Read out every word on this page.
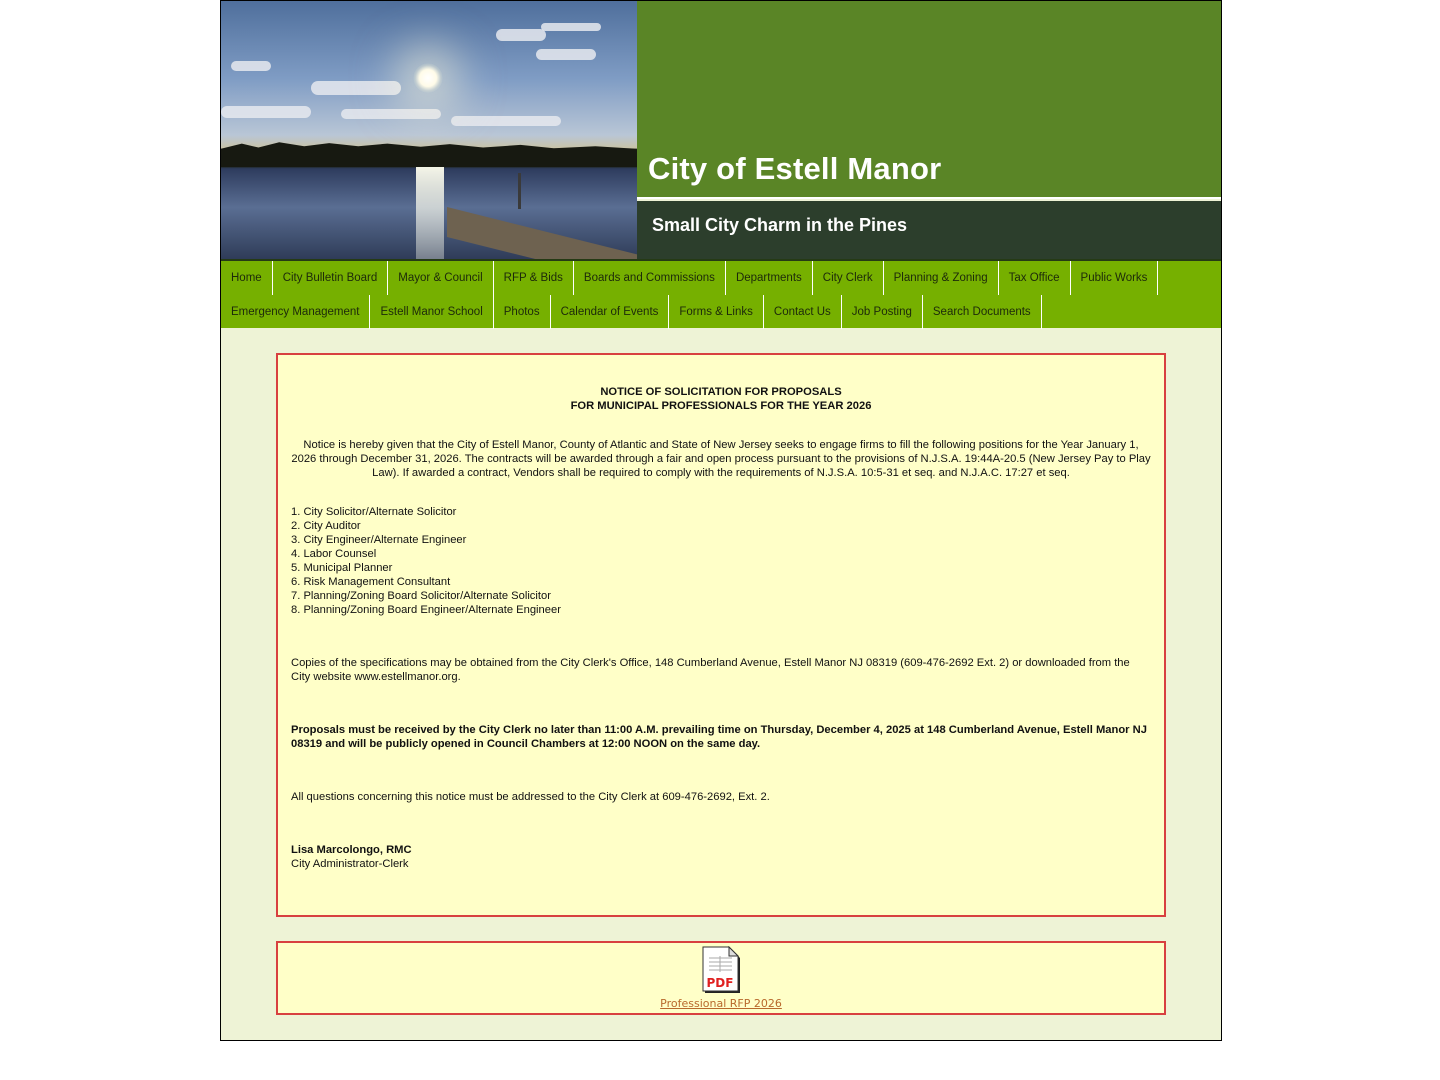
City of Estell Manor
Small City Charm in the Pines
Home	City Bulletin Board	Mayor & Council	RFP & Bids	Boards and Commissions	Departments	City Clerk	Planning & Zoning	Tax Office	Public Works
Emergency Management	Estell Manor School	Photos	Calendar of Events	Forms & Links	Contact Us	Job Posting	Search Documents
NOTICE OF SOLICITATION FOR PROPOSALS
FOR MUNICIPAL PROFESSIONALS FOR THE YEAR 2026
Notice is hereby given that the City of Estell Manor, County of Atlantic and State of New Jersey seeks to engage firms to fill the following positions for the Year January 1, 2026 through December 31, 2026. The contracts will be awarded through a fair and open process pursuant to the provisions of N.J.S.A. 19:44A-20.5 (New Jersey Pay to Play Law). If awarded a contract, Vendors shall be required to comply with the requirements of N.J.S.A. 10:5-31 et seq. and N.J.A.C. 17:27 et seq.
1. City Solicitor/Alternate Solicitor
2. City Auditor
3. City Engineer/Alternate Engineer
4. Labor Counsel
5. Municipal Planner
6. Risk Management Consultant
7. Planning/Zoning Board Solicitor/Alternate Solicitor
8. Planning/Zoning Board Engineer/Alternate Engineer
Copies of the specifications may be obtained from the City Clerk's Office, 148 Cumberland Avenue, Estell Manor NJ 08319 (609-476-2692 Ext. 2) or downloaded from the City website www.estellmanor.org.
Proposals must be received by the City Clerk no later than 11:00 A.M. prevailing time on Thursday, December 4, 2025 at 148 Cumberland Avenue, Estell Manor NJ 08319 and will be publicly opened in Council Chambers at 12:00 NOON on the same day.
All questions concerning this notice must be addressed to the City Clerk at 609-476-2692, Ext. 2.
Lisa Marcolongo, RMC
City Administrator-Clerk
PDF
Professional RFP 2026
